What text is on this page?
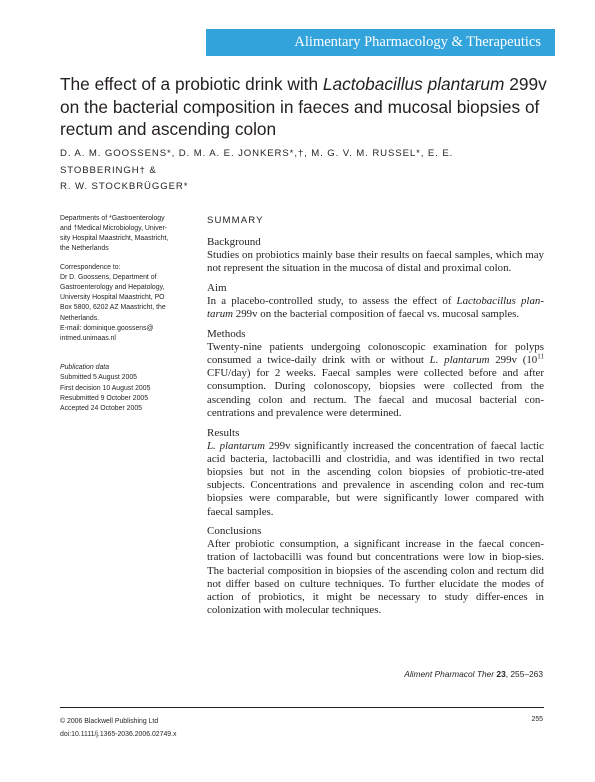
Alimentary Pharmacology & Therapeutics
The effect of a probiotic drink with Lactobacillus plantarum 299v on the bacterial composition in faeces and mucosal biopsies of rectum and ascending colon
D. A. M. GOOSSENS*, D. M. A. E. JONKERS*,†, M. G. V. M. RUSSEL*, E. E. STOBBERINGH† &
R. W. STOCKBRÜGGER*

Departments of *Gastroenterology

and †Medical Microbiology, Univer-

sity Hospital Maastricht, Maastricht,

the Netherlands

Correspondence to:

Dr D. Goossens, Department of

Gastroenterology and Hepatology,

University Hospital Maastricht, PO

Box 5800, 6202 AZ Maastricht, the

Netherlands.

E-mail: dominique.goossens@

intmed.unimaas.nl

Publication data

Submitted 5 August 2005

First decision 10 August 2005

Resubmitted 9 October 2005

Accepted 24 October 2005

SUMMARY

Background

Studies on probiotics mainly base their results on faecal samples, which may not represent the situation in the mucosa of distal and proximal colon.

Aim

In a placebo-controlled study, to assess the effect of Lactobacillus plan-tarum 299v on the bacterial composition of faecal vs. mucosal samples.

Methods

Twenty-nine patients undergoing colonoscopic examination for polyps consumed a twice-daily drink with or without L. plantarum 299v ($10^{11}$ CFU/day) for 2 weeks. Faecal samples were collected before and after consumption. During colonoscopy, biopsies were collected from the ascending colon and rectum. The faecal and mucosal bacterial con-centrations and prevalence were determined.

Results

L. plantarum 299v significantly increased the concentration of faecal lactic acid bacteria, lactobacilli and clostridia, and was identified in two rectal biopsies but not in the ascending colon biopsies of probiotic-tre-ated subjects. Concentrations and prevalence in ascending colon and rec-tum biopsies were comparable, but were significantly lower compared with faecal samples.

Conclusions

After probiotic consumption, a significant increase in the faecal concen-tration of lactobacilli was found but concentrations were low in biop-sies. The bacterial composition in biopsies of the ascending colon and rectum did not differ based on culture techniques. To further elucidate the modes of action of probiotics, it might be necessary to study differ-ences in colonization with molecular techniques.

Aliment Pharmacol Ther 23, 255–263
© 2006 Blackwell Publishing Ltd
doi:10.1111/j.1365-2036.2006.02749.x
255
